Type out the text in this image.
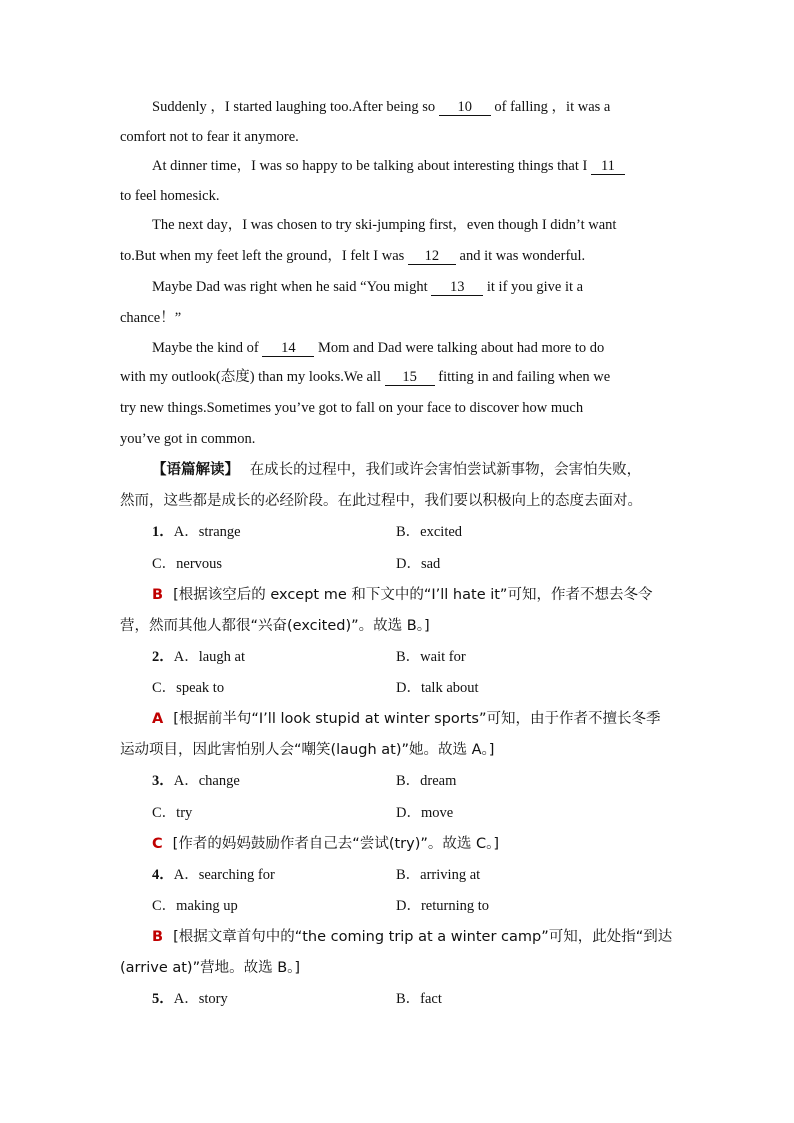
Suddenly ，I started laughing too.After being so 10 of falling ，it was a
comfort not to fear it anymore.
At dinner time，I was so happy to be talking about interesting things that I 11
to feel homesick.
The next day，I was chosen to try ski-jumping first，even though I didn’t want
to.But when my feet left the ground，I felt I was 12 and it was wonderful.
Maybe Dad was right when he said “You might 13 it if you give it a
chance！”
Maybe the kind of 14 Mom and Dad were talking about had more to do
with my outlook(态度) than my looks.We all 15 fitting in and failing when we
try new things.Sometimes you’ve got to fall on your face to discover how much
you’ve got in common.
【语篇解读】 在成长的过程中，我们或许会害怕尝试新事物，会害怕失败，
然而，这些都是成长的必经阶段。在此过程中，我们要以积极向上的态度去面对。
1．A．strange	B．excited
C．nervous	D．sad
B [根据该空后的 except me 和下文中的“I’ll hate it”可知，作者不想去冬令
营，然而其他人都很“兴奋(excited)”。故选 B。]
2．A．laugh at	B．wait for
C．speak to	D．talk about
A [根据前半句“I’ll look stupid at winter sports”可知，由于作者不擅长冬季
运动项目，因此害怕别人会“嘲笑(laugh at)”她。故选 A。]
3．A．change	B．dream
C．try	D．move
C [作者的妈妈鼓励作者自己去“尝试(try)”。故选 C。]
4．A．searching for	B．arriving at
C．making up	D．returning to
B [根据文章首句中的“the coming trip at a winter camp”可知，此处指“到达
(arrive at)”营地。故选 B。]
5．A．story	B．fact
